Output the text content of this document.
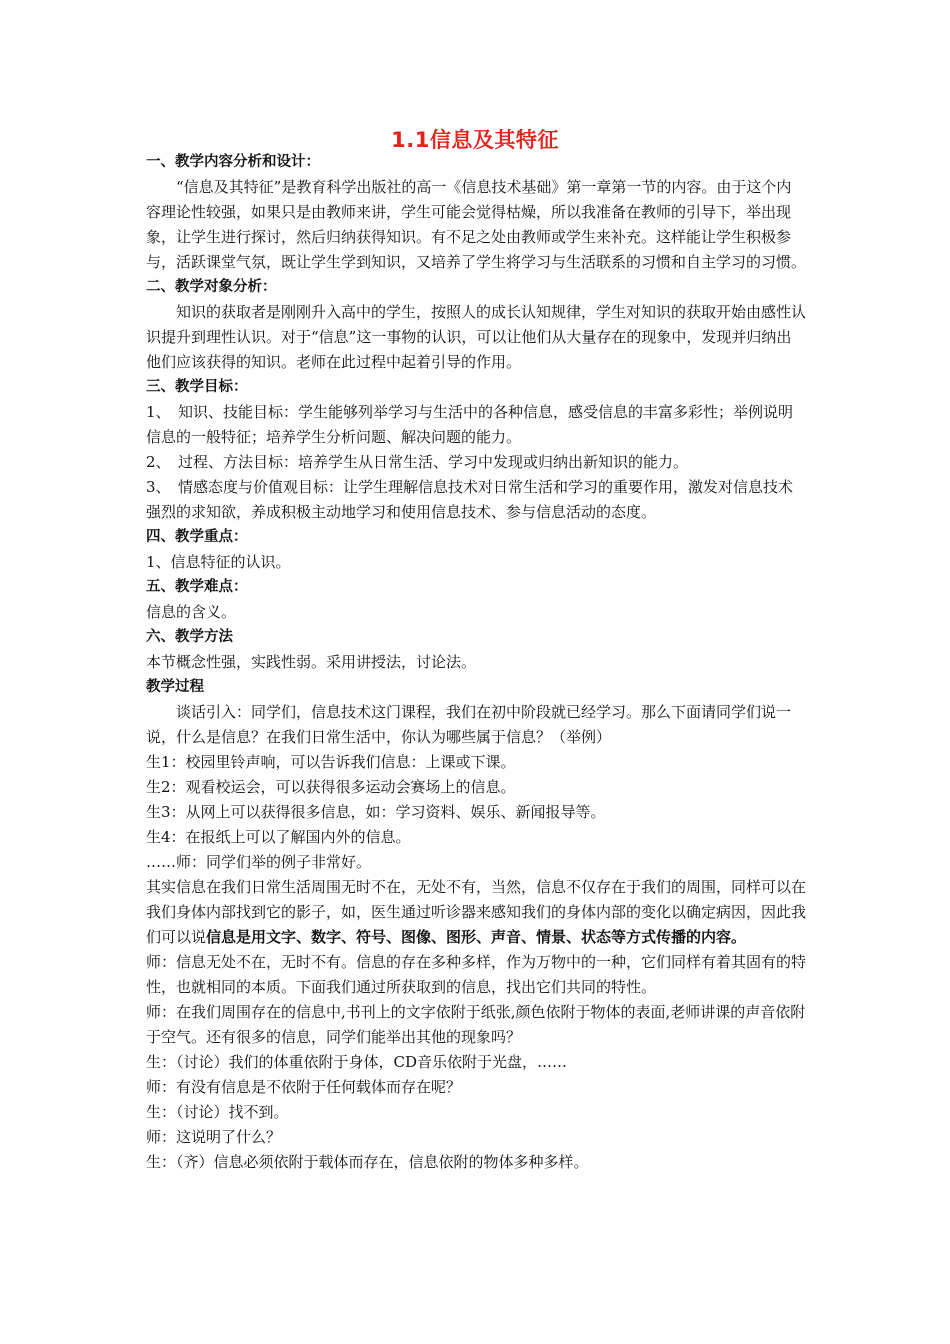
1.1信息及其特征

一、教学内容分析和设计：

“信息及其特征”是教育科学出版社的高一《信息技术基础》第一章第一节的内容。由于这个内容理论性较强，如果只是由教师来讲，学生可能会觉得枯燥，所以我准备在教师的引导下，举出现象，让学生进行探讨，然后归纳获得知识。有不足之处由教师或学生来补充。这样能让学生积极参与，活跃课堂气氛，既让学生学到知识，又培养了学生将学习与生活联系的习惯和自主学习的习惯。

二、教学对象分析：

知识的获取者是刚刚升入高中的学生，按照人的成长认知规律，学生对知识的获取开始由感性认识提升到理性认识。对于“信息”这一事物的认识，可以让他们从大量存在的现象中，发现并归纳出他们应该获得的知识。老师在此过程中起着引导的作用。

三、教学目标：

1、　知识、技能目标：学生能够列举学习与生活中的各种信息，感受信息的丰富多彩性；举例说明信息的一般特征；培养学生分析问题、解决问题的能力。

2、　过程、方法目标：培养学生从日常生活、学习中发现或归纳出新知识的能力。

3、　情感态度与价值观目标：让学生理解信息技术对日常生活和学习的重要作用，激发对信息技术强烈的求知欲，养成积极主动地学习和使用信息技术、参与信息活动的态度。

四、教学重点：

1、信息特征的认识。

五、教学难点：

信息的含义。

六、教学方法

本节概念性强，实践性弱。采用讲授法，讨论法。

教学过程

谈话引入：同学们，信息技术这门课程，我们在初中阶段就已经学习。那么下面请同学们说一说，什么是信息？在我们日常生活中，你认为哪些属于信息？（举例）

生1：校园里铃声响，可以告诉我们信息：上课或下课。

生2：观看校运会，可以获得很多运动会赛场上的信息。

生3：从网上可以获得很多信息，如：学习资料、娱乐、新闻报导等。

生4：在报纸上可以了解国内外的信息。

……师：同学们举的例子非常好。

其实信息在我们日常生活周围无时不在，无处不有，当然，信息不仅存在于我们的周围，同样可以在我们身体内部找到它的影子，如，医生通过听诊器来感知我们的身体内部的变化以确定病因，因此我们可以说信息是用文字、数字、符号、图像、图形、声音、情景、状态等方式传播的内容。

师：信息无处不在，无时不有。信息的存在多种多样，作为万物中的一种，它们同样有着其固有的特性，也就相同的本质。下面我们通过所获取到的信息，找出它们共同的特性。

师：在我们周围存在的信息中,书刊上的文字依附于纸张,颜色依附于物体的表面,老师讲课的声音依附于空气。还有很多的信息，同学们能举出其他的现象吗？

生：（讨论）我们的体重依附于身体，CD音乐依附于光盘，……

师：有没有信息是不依附于任何载体而存在呢？

生：（讨论）找不到。

师：这说明了什么？

生：（齐）信息必须依附于载体而存在，信息依附的物体多种多样。
